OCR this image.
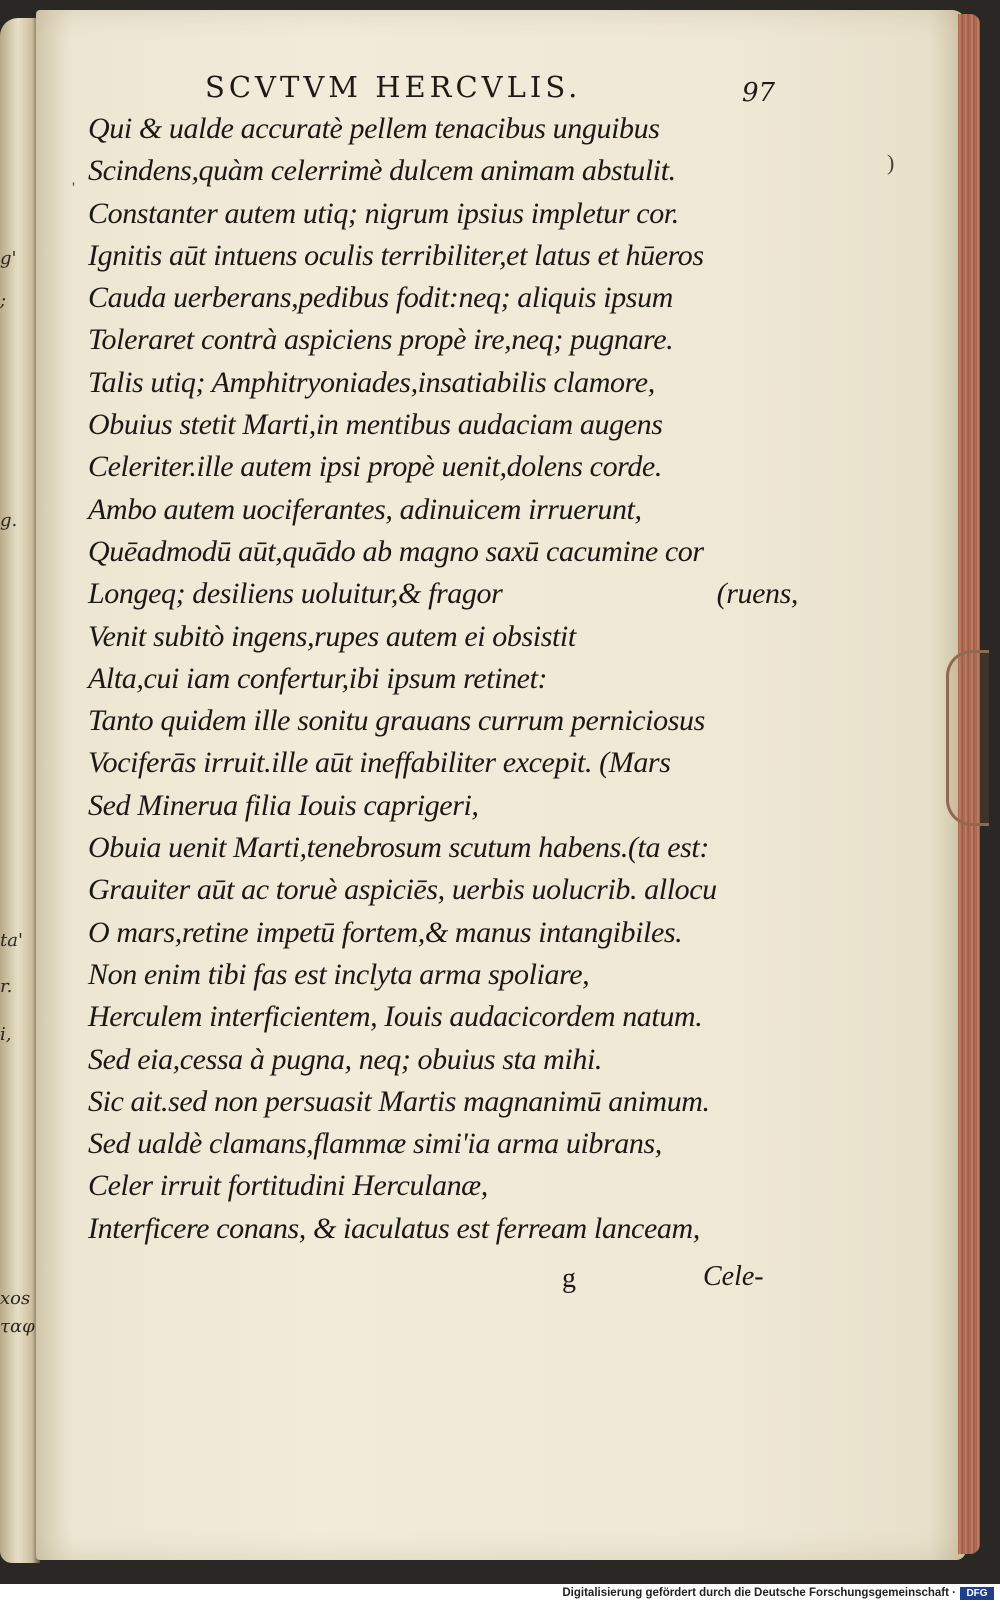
g'
;
g.
ta'
r.
i,
xos
ταφ
SCVTVM HERCVLIS.	97
Qui & ualde accuratè pellem tenacibus unguibus
Scindens,quàm celerrimè dulcem animam abstulit.
Constanter autem utiq; nigrum ipsius impletur cor.
Ignitis aūt intuens oculis terribiliter,et latus et hūeros
Cauda uerberans,pedibus fodit:neq; aliquis ipsum
Toleraret contrà aspiciens propè ire,neq; pugnare.
Talis utiq; Amphitryoniades,insatiabilis clamore,
Obuius stetit Marti,in mentibus audaciam augens
Celeriter.ille autem ipsi propè uenit,dolens corde.
Ambo autem uociferantes, adinuicem irruerunt,
Quēadmodū aūt,quādo ab magno saxū cacumine cor
Longeq; desiliens uoluitur,& fragor	(ruens,
Venit subitò ingens,rupes autem ei obsistit
Alta,cui iam confertur,ibi ipsum retinet:
Tanto quidem ille sonitu grauans currum perniciosus
Vociferās irruit.ille aūt ineffabiliter excepit. (Mars
Sed Minerua filia Iouis caprigeri,
Obuia uenit Marti,tenebrosum scutum habens.(ta est:
Grauiter aūt ac toruè aspiciēs, uerbis uolucrib. allocu
O mars,retine impetū fortem,& manus intangibiles.
Non enim tibi fas est inclyta arma spoliare,
Herculem interficientem, Iouis audacicordem natum.
Sed eia,cessa à pugna, neq; obuius sta mihi.
Sic ait.sed non persuasit Martis magnanimū animum.
Sed ualdè clamans,flammæ simi'ia arma uibrans,
Celer irruit fortitudini Herculanæ,
Interficere conans, & iaculatus est ferream lanceam,
)
'
g	Cele-
Digitalisierung gefördert durch die Deutsche Forschungsgemeinschaft ·	DFG
